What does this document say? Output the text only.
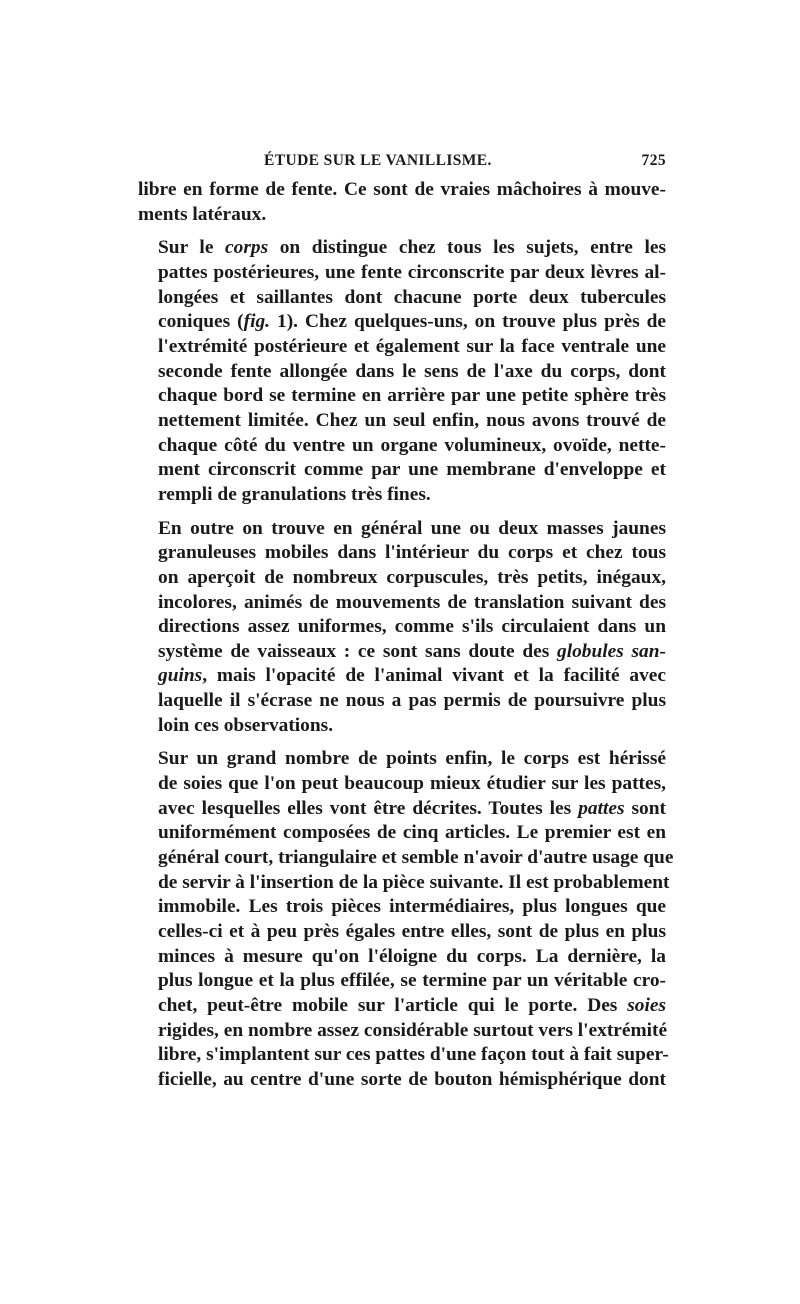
ÉTUDE SUR LE VANILLISME.	725
libre en forme de fente. Ce sont de vraies mâchoires à mouve-
ments latéraux.
Sur le corps on distingue chez tous les sujets, entre les
pattes postérieures, une fente circonscrite par deux lèvres al-
longées et saillantes dont chacune porte deux tubercules
coniques (fig. 1). Chez quelques-uns, on trouve plus près de
l'extrémité postérieure et également sur la face ventrale une
seconde fente allongée dans le sens de l'axe du corps, dont
chaque bord se termine en arrière par une petite sphère très
nettement limitée. Chez un seul enfin, nous avons trouvé de
chaque côté du ventre un organe volumineux, ovoïde, nette-
ment circonscrit comme par une membrane d'enveloppe et
rempli de granulations très fines.
En outre on trouve en général une ou deux masses jaunes
granuleuses mobiles dans l'intérieur du corps et chez tous
on aperçoit de nombreux corpuscules, très petits, inégaux,
incolores, animés de mouvements de translation suivant des
directions assez uniformes, comme s'ils circulaient dans un
système de vaisseaux : ce sont sans doute des globules san-
guins, mais l'opacité de l'animal vivant et la facilité avec
laquelle il s'écrase ne nous a pas permis de poursuivre plus
loin ces observations.
Sur un grand nombre de points enfin, le corps est hérissé
de soies que l'on peut beaucoup mieux étudier sur les pattes,
avec lesquelles elles vont être décrites. Toutes les pattes sont
uniformément composées de cinq articles. Le premier est en
général court, triangulaire et semble n'avoir d'autre usage que
de servir à l'insertion de la pièce suivante. Il est probablement
immobile. Les trois pièces intermédiaires, plus longues que
celles-ci et à peu près égales entre elles, sont de plus en plus
minces à mesure qu'on l'éloigne du corps. La dernière, la
plus longue et la plus effilée, se termine par un véritable cro-
chet, peut-être mobile sur l'article qui le porte. Des soies
rigides, en nombre assez considérable surtout vers l'extrémité
libre, s'implantent sur ces pattes d'une façon tout à fait super-
ficielle, au centre d'une sorte de bouton hémisphérique dont
